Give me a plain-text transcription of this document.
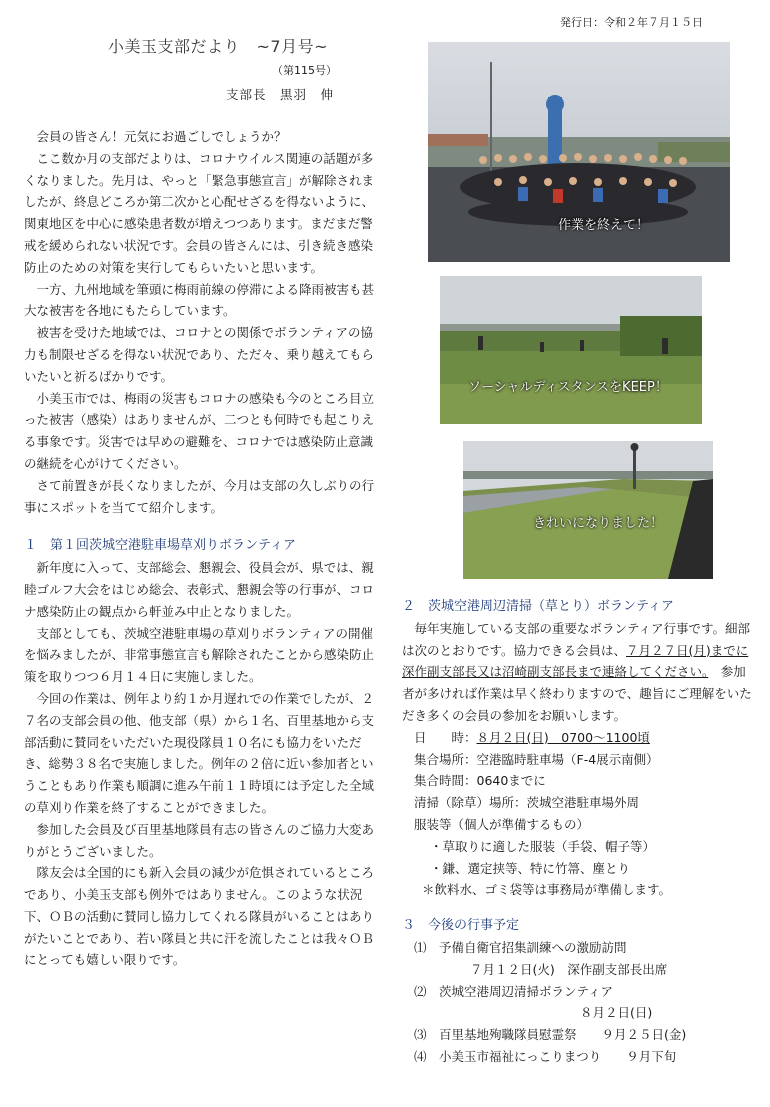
発行日：令和２年７月１５日
小美玉支部だより　~7月号~
（第115号）
支部長　黒羽　伸

　会員の皆さん！元気にお過ごしでしょうか？

　ここ数か月の支部だよりは、コロナウイルス関連の話題が多くなりました。先月は、やっと「緊急事態宣言」が解除されましたが、終息どころか第二次かと心配せざるを得ないように、関東地区を中心に感染患者数が増えつつあります。まだまだ警戒を緩められない状況です。会員の皆さんには、引き続き感染防止のための対策を実行してもらいたいと思います。

　一方、九州地域を筆頭に梅雨前線の停滞による降雨被害も甚大な被害を各地にもたらしています。

　被害を受けた地域では、コロナとの関係でボランティアの協力も制限せざるを得ない状況であり、ただ々、乗り越えてもらいたいと祈るばかりです。

　小美玉市では、梅雨の災害もコロナの感染も今のところ目立った被害（感染）はありませんが、二つとも何時でも起こりえる事象です。災害では早めの避難を、コロナでは感染防止意識の継続を心がけてください。

　さて前置きが長くなりましたが、今月は支部の久しぶりの行事にスポットを当てて紹介します。

１　第１回茨城空港駐車場草刈りボランティア

　新年度に入って、支部総会、懇親会、役員会が、県では、親睦ゴルフ大会をはじめ総会、表彰式、懇親会等の行事が、コロナ感染防止の観点から軒並み中止となりました。

　支部としても、茨城空港駐車場の草刈りボランティアの開催を悩みましたが、非常事態宣言も解除されたことから感染防止策を取りつつ６月１４日に実施しました。

　今回の作業は、例年より約１か月遅れでの作業でしたが、２７名の支部会員の他、他支部（県）から１名、百里基地から支部活動に賛同をいただいた現役隊員１０名にも協力をいただき、総勢３８名で実施しました。例年の２倍に近い参加者ということもあり作業も順調に進み午前１１時頃には予定した全域の草刈り作業を終了することができました。

　参加した会員及び百里基地隊員有志の皆さんのご協力大変ありがとうございました。

　隊友会は全国的にも新入会員の減少が危惧されているところであり、小美玉支部も例外ではありません。このような状況下、ＯＢの活動に賛同し協力してくれる隊員がいることはありがたいことであり、若い隊員と共に汗を流したことは我々ＯＢにとっても嬉しい限りです。

作業を終えて！
ソーシャルディスタンスをKEEP！
きれいになりました！

２　茨城空港周辺清掃（草とり）ボランティア

　毎年実施している支部の重要なボランティア行事です。細部は次のとおりです。協力できる会員は、７月２７日(月)までに深作副支部長又は沼崎副支部長まで連絡してください。　参加者が多ければ作業は早く終わりますので、趣旨にご理解をいただき多くの会員の参加をお願いします。

日　　時：８月２日(日)　0700～1100頃

集合場所：空港臨時駐車場（F-4展示南側）

集合時間：0640までに

清掃（除草）場所：茨城空港駐車場外周

服装等（個人が準備するもの）

・草取りに適した服装（手袋、帽子等）

・鎌、選定挟等、特に竹箒、塵とり

＊飲料水、ゴミ袋等は事務局が準備します。

３　今後の行事予定

⑴　予備自衛官招集訓練への激励訪問

７月１２日(火)　深作副支部長出席

⑵　茨城空港周辺清掃ボランティア

８月２日(日)

⑶　百里基地殉職隊員慰霊祭　　９月２５日(金)

⑷　小美玉市福祉にっこりまつり　　９月下旬
